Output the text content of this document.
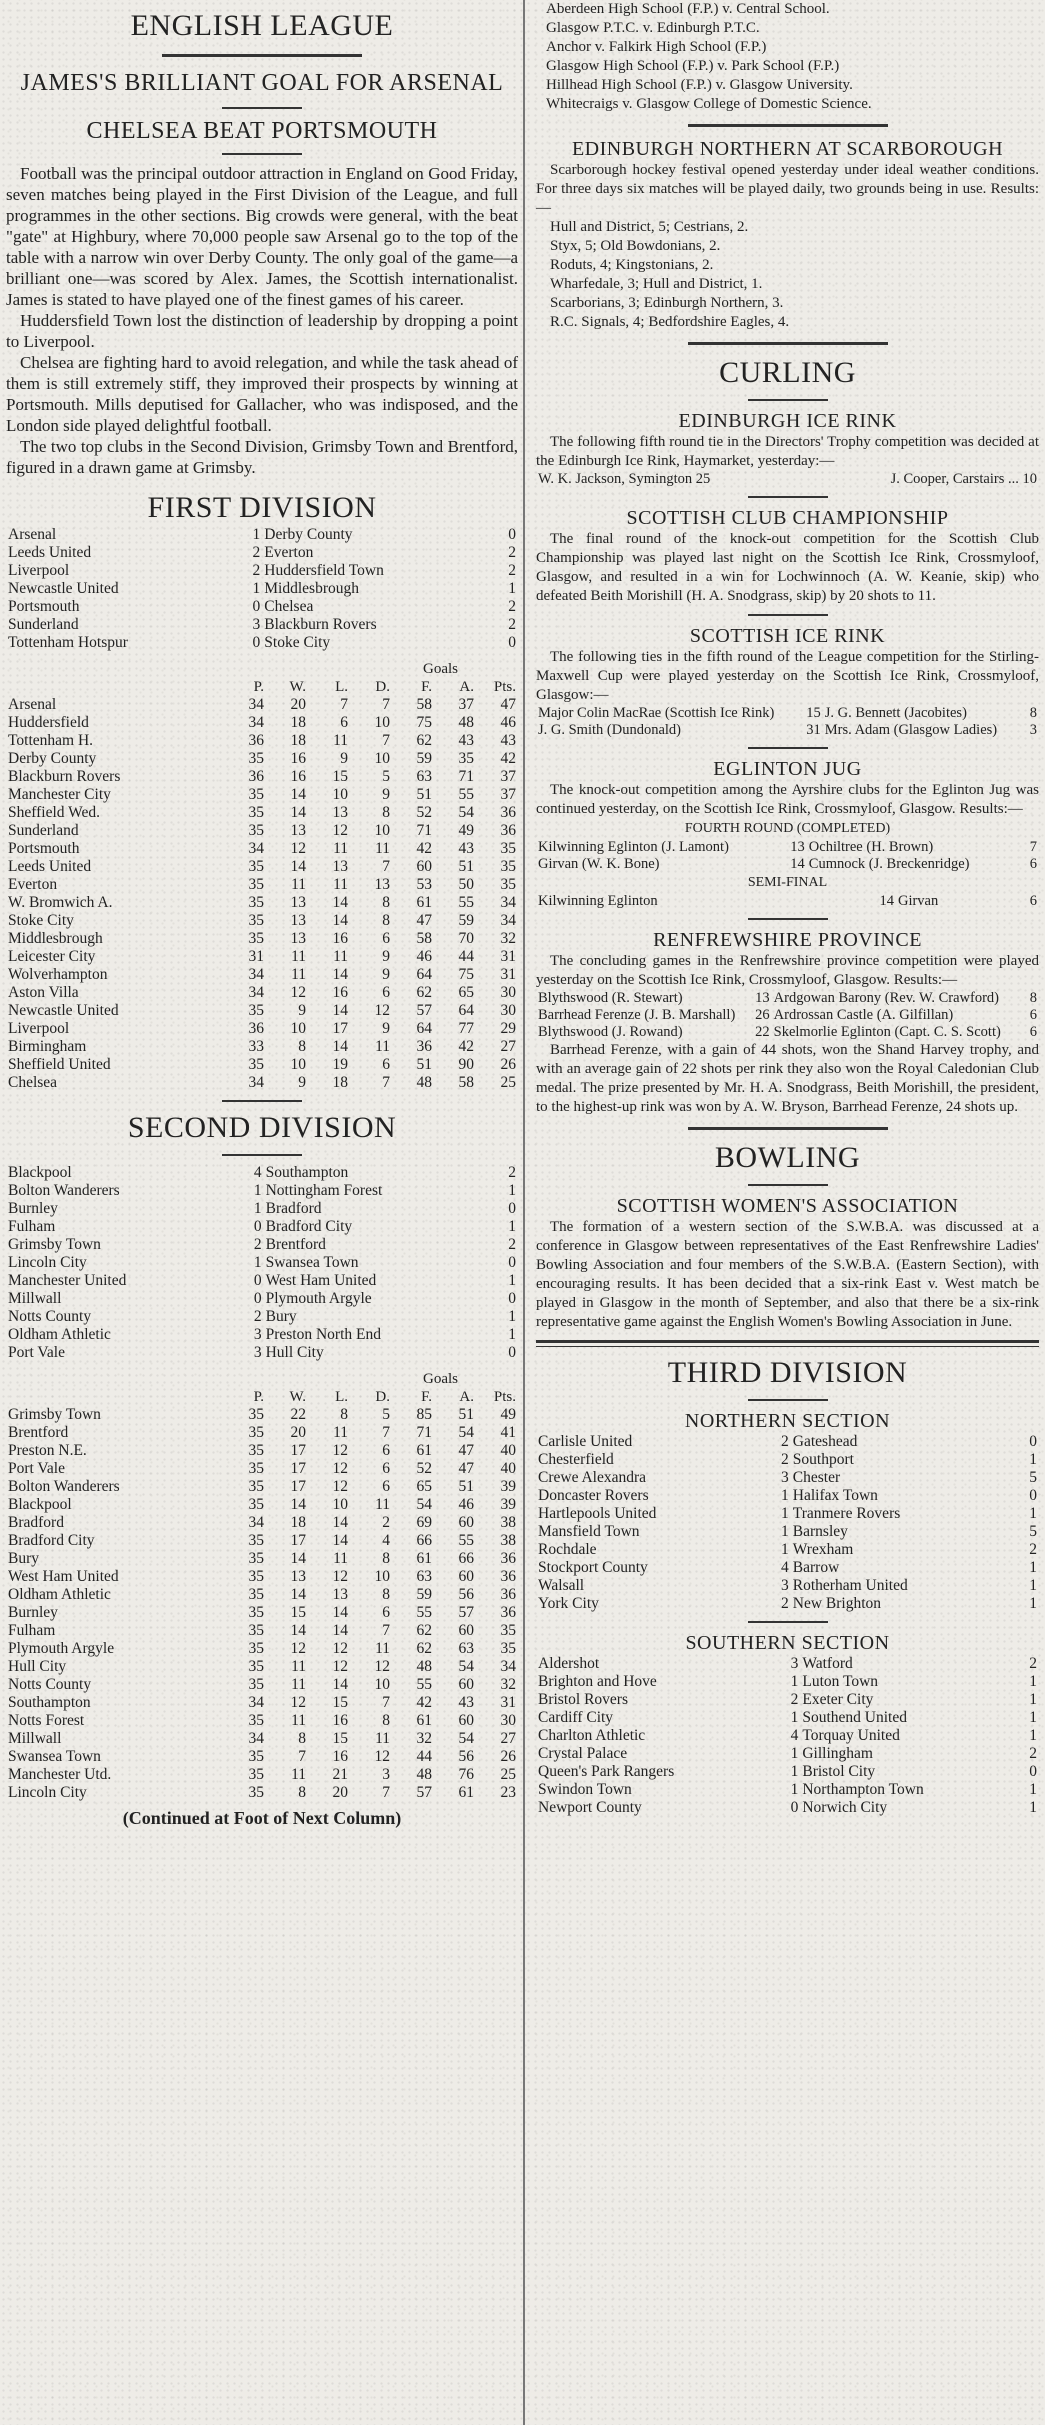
ENGLISH LEAGUE
JAMES'S BRILLIANT GOAL FOR ARSENAL
CHELSEA BEAT PORTSMOUTH

Football was the principal outdoor attraction in England on Good Friday, seven matches being played in the First Division of the League, and full programmes in the other sections. Big crowds were general, with the beat "gate" at Highbury, where 70,000 people saw Arsenal go to the top of the table with a narrow win over Derby County. The only goal of the game—a brilliant one—was scored by Alex. James, the Scottish internationalist. James is stated to have played one of the finest games of his career.

Huddersfield Town lost the distinction of leadership by dropping a point to Liverpool.

Chelsea are fighting hard to avoid relegation, and while the task ahead of them is still extremely stiff, they improved their prospects by winning at Portsmouth. Mills deputised for Gallacher, who was indisposed, and the London side played delightful football.

The two top clubs in the Second Division, Grimsby Town and Brentford, figured in a drawn game at Grimsby.

FIRST DIVISION
Arsenal	1	Derby County	0
Leeds United	2	Everton	2
Liverpool	2	Huddersfield Town	2
Newcastle United	1	Middlesbrough	1
Portsmouth	0	Chelsea	2
Sunderland	3	Blackburn Rovers	2
Tottenham Hotspur	0	Stoke City	0
Goals							
	P.	W.	L.	D.	F.	A.	Pts.
Arsenal	34	20	7	7	58	37	47
Huddersfield	34	18	6	10	75	48	46
Tottenham H.	36	18	11	7	62	43	43
Derby County	35	16	9	10	59	35	42
Blackburn Rovers	36	16	15	5	63	71	37
Manchester City	35	14	10	9	51	55	37
Sheffield Wed.	35	14	13	8	52	54	36
Sunderland	35	13	12	10	71	49	36
Portsmouth	34	12	11	11	42	43	35
Leeds United	35	14	13	7	60	51	35
Everton	35	11	11	13	53	50	35
W. Bromwich A.	35	13	14	8	61	55	34
Stoke City	35	13	14	8	47	59	34
Middlesbrough	35	13	16	6	58	70	32
Leicester City	31	11	11	9	46	44	31
Wolverhampton	34	11	14	9	64	75	31
Aston Villa	34	12	16	6	62	65	30
Newcastle United	35	9	14	12	57	64	30
Liverpool	36	10	17	9	64	77	29
Birmingham	33	8	14	11	36	42	27
Sheffield United	35	10	19	6	51	90	26
Chelsea	34	9	18	7	48	58	25
SECOND DIVISION
Blackpool	4	Southampton	2
Bolton Wanderers	1	Nottingham Forest	1
Burnley	1	Bradford	0
Fulham	0	Bradford City	1
Grimsby Town	2	Brentford	2
Lincoln City	1	Swansea Town	0
Manchester United	0	West Ham United	1
Millwall	0	Plymouth Argyle	0
Notts County	2	Bury	1
Oldham Athletic	3	Preston North End	1
Port Vale	3	Hull City	0
Goals							
	P.	W.	L.	D.	F.	A.	Pts.
Grimsby Town	35	22	8	5	85	51	49
Brentford	35	20	11	7	71	54	41
Preston N.E.	35	17	12	6	61	47	40
Port Vale	35	17	12	6	52	47	40
Bolton Wanderers	35	17	12	6	65	51	39
Blackpool	35	14	10	11	54	46	39
Bradford	34	18	14	2	69	60	38
Bradford City	35	17	14	4	66	55	38
Bury	35	14	11	8	61	66	36
West Ham United	35	13	12	10	63	60	36
Oldham Athletic	35	14	13	8	59	56	36
Burnley	35	15	14	6	55	57	36
Fulham	35	14	14	7	62	60	35
Plymouth Argyle	35	12	12	11	62	63	35
Hull City	35	11	12	12	48	54	34
Notts County	35	11	14	10	55	60	32
Southampton	34	12	15	7	42	43	31
Notts Forest	35	11	16	8	61	60	30
Millwall	34	8	15	11	32	54	27
Swansea Town	35	7	16	12	44	56	26
Manchester Utd.	35	11	21	3	48	76	25
Lincoln City	35	8	20	7	57	61	23
(Continued at Foot of Next Column)
Aberdeen High School (F.P.) v. Central School.
Glasgow P.T.C. v. Edinburgh P.T.C.
Anchor v. Falkirk High School (F.P.)
Glasgow High School (F.P.) v. Park School (F.P.)
Hillhead High School (F.P.) v. Glasgow University.
Whitecraigs v. Glasgow College of Domestic Science.
EDINBURGH NORTHERN AT SCARBOROUGH

Scarborough hockey festival opened yesterday under ideal weather conditions. For three days six matches will be played daily, two grounds being in use. Results:—

Hull and District, 5; Cestrians, 2.
Styx, 5; Old Bowdonians, 2.
Roduts, 4; Kingstonians, 2.
Wharfedale, 3; Hull and District, 1.
Scarborians, 3; Edinburgh Northern, 3.
R.C. Signals, 4; Bedfordshire Eagles, 4.
CURLING
EDINBURGH ICE RINK

The following fifth round tie in the Directors' Trophy competition was decided at the Edinburgh Ice Rink, Haymarket, yesterday:—

W. K. Jackson, Symington 25	J. Cooper, Carstairs ... 10
SCOTTISH CLUB CHAMPIONSHIP

The final round of the knock-out competition for the Scottish Club Championship was played last night on the Scottish Ice Rink, Crossmyloof, Glasgow, and resulted in a win for Lochwinnoch (A. W. Keanie, skip) who defeated Beith Morishill (H. A. Snodgrass, skip) by 20 shots to 11.

SCOTTISH ICE RINK

The following ties in the fifth round of the League competition for the Stirling-Maxwell Cup were played yesterday on the Scottish Ice Rink, Crossmyloof, Glasgow:—

Major Colin MacRae (Scottish Ice Rink)	15	J. G. Bennett (Jacobites)	8
J. G. Smith (Dundonald)	31	Mrs. Adam (Glasgow Ladies)	3
EGLINTON JUG

The knock-out competition among the Ayrshire clubs for the Eglinton Jug was continued yesterday, on the Scottish Ice Rink, Crossmyloof, Glasgow. Results:—

FOURTH ROUND (COMPLETED)
Kilwinning Eglinton (J. Lamont)	13	Ochiltree (H. Brown)	7
Girvan (W. K. Bone)	14	Cumnock (J. Breckenridge)	6
SEMI-FINAL
Kilwinning Eglinton	14	Girvan	6
RENFREWSHIRE PROVINCE

The concluding games in the Renfrewshire province competition were played yesterday on the Scottish Ice Rink, Crossmyloof, Glasgow. Results:—

Blythswood (R. Stewart)	13	Ardgowan Barony (Rev. W. Crawford)	8
Barrhead Ferenze (J. B. Marshall)	26	Ardrossan Castle (A. Gilfillan)	6
Blythswood (J. Rowand)	22	Skelmorlie Eglinton (Capt. C. S. Scott)	6

Barrhead Ferenze, with a gain of 44 shots, won the Shand Harvey trophy, and with an average gain of 22 shots per rink they also won the Royal Caledonian Club medal. The prize presented by Mr. H. A. Snodgrass, Beith Morishill, the president, to the highest-up rink was won by A. W. Bryson, Barrhead Ferenze, 24 shots up.

BOWLING
SCOTTISH WOMEN'S ASSOCIATION

The formation of a western section of the S.W.B.A. was discussed at a conference in Glasgow between representatives of the East Renfrewshire Ladies' Bowling Association and four members of the S.W.B.A. (Eastern Section), with encouraging results. It has been decided that a six-rink East v. West match be played in Glasgow in the month of September, and also that there be a six-rink representative game against the English Women's Bowling Association in June.

THIRD DIVISION
NORTHERN SECTION
Carlisle United	2	Gateshead	0
Chesterfield	2	Southport	1
Crewe Alexandra	3	Chester	5
Doncaster Rovers	1	Halifax Town	0
Hartlepools United	1	Tranmere Rovers	1
Mansfield Town	1	Barnsley	5
Rochdale	1	Wrexham	2
Stockport County	4	Barrow	1
Walsall	3	Rotherham United	1
York City	2	New Brighton	1
SOUTHERN SECTION
Aldershot	3	Watford	2
Brighton and Hove	1	Luton Town	1
Bristol Rovers	2	Exeter City	1
Cardiff City	1	Southend United	1
Charlton Athletic	4	Torquay United	1
Crystal Palace	1	Gillingham	2
Queen's Park Rangers	1	Bristol City	0
Swindon Town	1	Northampton Town	1
Newport County	0	Norwich City	1
